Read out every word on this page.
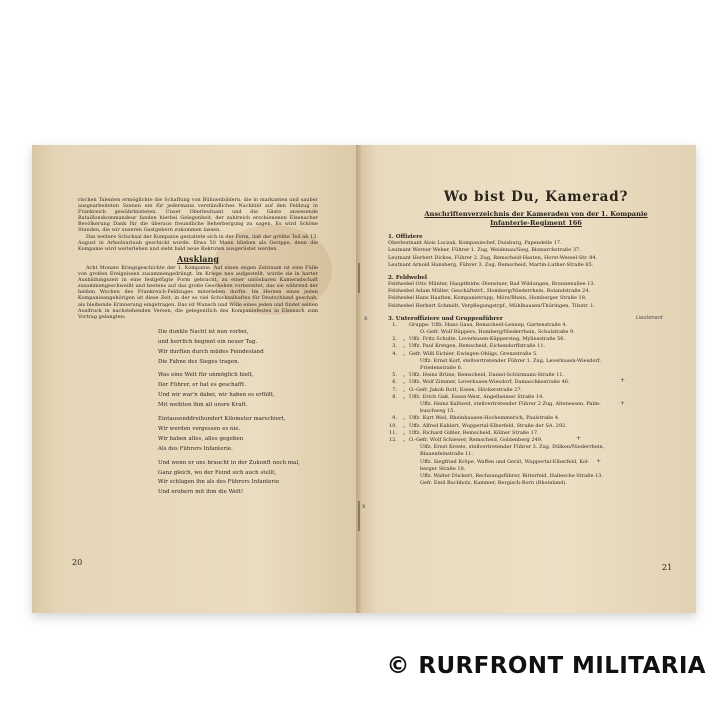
rischen Talenten ermöglichte die Schaffung von Bühnenbildern, die in markanten und sauber ausgearbeiteten Szenen ein für jedermann verständliches Nachbild auf den Feldzug in Frankreich gewährleisteten. Unser Oberleutnant und die Gäste anwesende Bataillonskommandeur fanden hierbei Gelegenheit, der zahlreich erschienenen Elsenacher Bevölkerung Dank für die überaus freundliche Beherbergung zu sagen. Es wird Schöne Stunden, die wir unseren Gastgebern zukommen lassen.

Das weitere Schicksal der Kompanie gestaltete sich in der Form, daß der größte Teil ab 13. August in Arbeitsurlaub geschickt wurde. Etwa 50 Mann blieben als Gerippe, denn die Kompanie wird weiterleben und sieht bald neue Rekruten ausgerüstet werden.

Ausklang

Acht Monate Kriegsgeschichte der 1. Kompanie. Auf einen engen Zeitraum ist eine Fülle von großen Ereignissen zusammengedrängt. Im Kriege neu aufgestellt, wurde sie in harter Ausbildungszeit in eine festgefügte Form gebracht, zu einer unlösbaren Kameradschaft zusammengeschweißt und bestens auf das große Geschehen vorbereitet, das sie während der heißen Wochen des Frankreich-Feldzuges miterleben durfte. Im Herzen eines jeden Kompanieangehörigen ist diese Zeit, in der so viel Schicksalhaftes für Deutschland geschah, als bleibende Erinnerung eingetragen. Das ist Wunsch und Wille eines jeden und findet seinen Ausdruck in nachstehenden Versen, die gelegentlich des Kompaniefestes in Elsenach zum Vortrag gelangten:

Die dunkle Nacht ist nun vorbei,
und herrlich beginnt ein neuer Tag.
Wir durften durch müdes Feindesland
Die Fahne des Sieges tragen.
Was eine Welt für unmöglich hielt,
Der Führer, er hat es geschafft.
Und wir war'n dabei, wir haben es erfüllt,
Mit weihten ihm all unsre Kraft.
Eintausenddreihundert Kilometer marschiert,
Wir werden vergessen es nie.
Wir haben alles, alles gegeben
Als des Führers Infanterie.
Und wenn er uns braucht in der Zukunft noch mal,
Ganz gleich, wo der Feind sich auch stellt,
Wir schlagen ihn als des Führers Infanterie
Und erobern mit ihm die Welt!
20
Wo bist Du, Kamerad?
Anschriftenverzeichnis der Kameraden von der 1. Kompanie
Infanterie-Regiment 166
1. Offiziere
Oberleutnant Alois Luczak, Kompaniechef, Duisburg, Papendelle 17.
Leutnant Werner Weber, Führer 1. Zug, Weidenau/Sieg, Bismarckstraße 37.
Leutnant Herbert Dickes, Führer 2. Zug, Remscheid-Hasten, Horst-Wessel-Str. 84.
Leutnant Arnold Hansberg, Führer 3. Zug, Remscheid, Martin-Luther-Straße 65.
2. Feldwebel
Feldwebel Otto Münter, Hauptfeldw.-Dienstuer, Bad Wildungen, Brunnenallee 13.
Feldwebel Adam Müller, Geschäftstrf., Homberg/Niederrhein, Rolandstraße 24.
Feldwebel Hans Haaften, Kompanietrupp, Mörs/Rhein, Homberger Straße 18.
Feldwebel Herbert Schmidt, Verpflegungstrpf., Mühlhausen/Thüringen, Tilsstr. 1.
3. Unteroffiziere und Gruppenführer
1. Gruppe: Uffz. Hans Gaus, Remscheid-Lennep, Gartenstraße 4.
O.-Gefr. Wolf Rüppers, Homberg/Niederrhein, Schulstraße 9.
2.	„ Uffz. Fritz Schulte, Leverkusen-Küppersteg, Mylinsstraße 56.
3.	„ Uffz. Paul Kretgen, Remscheid, Eichendorffstraße 11.
4.	„ Gefr. Willi Eichler, Ewingen-Ohligs, Grenzstraße 5.
Uffz. Ernst Korf, stellvertretender Führer 1. Zug, Leverkusen-Wiesdorf,
Friedenstraße 6.
5.	„ Uffz. Heinz Brüne, Remscheid, Daniel-Schürmann-Straße 11.
6.	„ Uffz. Wolf Zimmer, Leverkusen-Wiesdorf, Damaschkestraße 46.
7.	„ O.-Gefr. Jakob Rott, Essen, Höckerstraße 27.
8.	„ Uffz. Erich Gaß, Essen-West, Angelheimer Straße 14.
Uffz. Heinz Kallweit, stellvertretender Führer 2 Zug, Altenessen, Palm-
buschweg 15.
9.	„ Uffz. Kurt Weil, Rheinhausen-Hochemmerich, Paulstraße 4.
10.	„ Uffz. Alfred Kahlert, Wuppertal-Elberfeld, Straße der SA. 292.
11.	„ Uffz. Richard Gißler, Remscheid, Kölner Straße 17.
12.	„ O.-Gefr. Wolf Schiewer, Remscheid, Goldenberg 249.
Uffz. Ernst Kreets, stellvertretender Führer 3. Zug, Dülken/Niederrhein,
Blauenfeinstraße 11.
Uffz. Siegfried Kröpe, Waffen und Gerät, Wuppertal-Elberfeld, Kol-
berger Straße 18.
Uffz. Walter Dückert, Rechnungsführer, Bitterfeld, Hallesche Straße 13.
Gefr. Emil Buchholz, Kammer, Bergisch-Born (Rheinland).
21
x	Lieutenant
+
+
+
+
x
© RURFRONT MILITARIA
